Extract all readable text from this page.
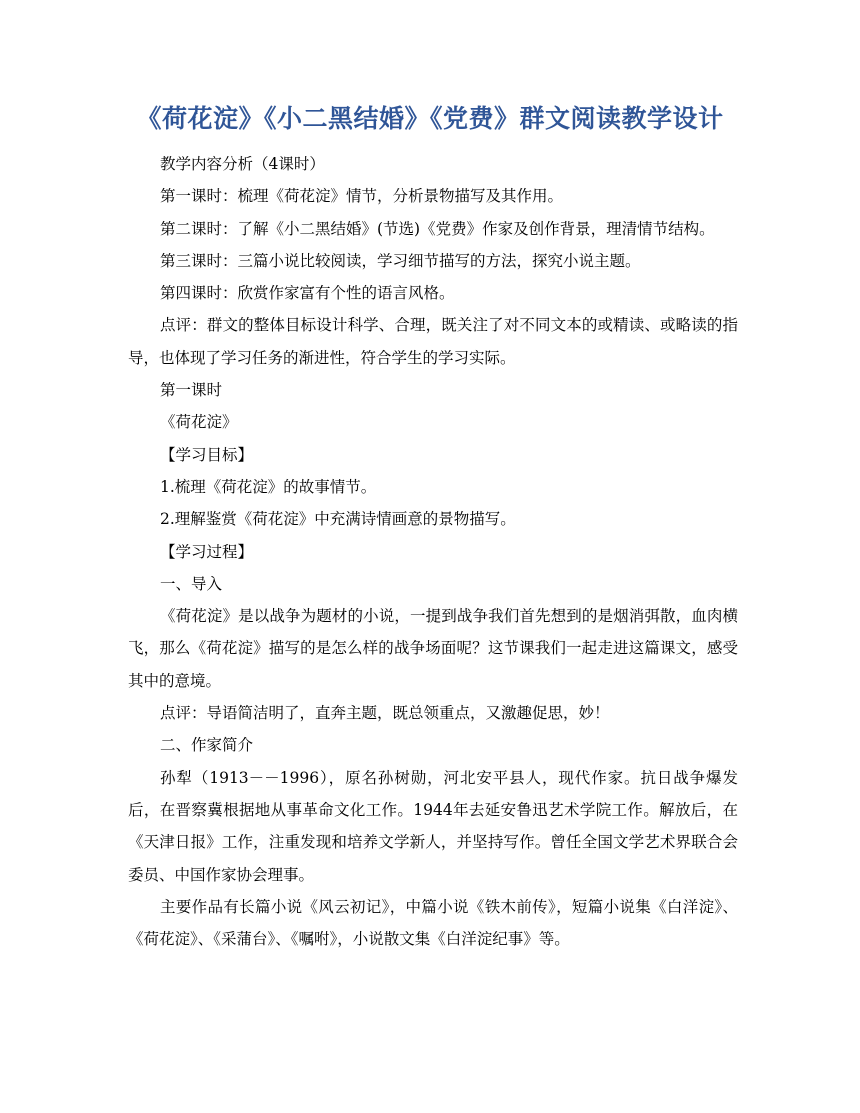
《荷花淀》《小二黑结婚》《党费》群文阅读教学设计

教学内容分析（4课时）

第一课时：梳理《荷花淀》情节，分析景物描写及其作用。

第二课时：了解《小二黑结婚》(节选)《党费》作家及创作背景，理清情节结构。

第三课时：三篇小说比较阅读，学习细节描写的方法，探究小说主题。

第四课时：欣赏作家富有个性的语言风格。

点评：群文的整体目标设计科学、合理，既关注了对不同文本的或精读、或略读的指导，也体现了学习任务的渐进性，符合学生的学习实际。

第一课时

《荷花淀》

【学习目标】

1.梳理《荷花淀》的故事情节。

2.理解鉴赏《荷花淀》中充满诗情画意的景物描写。

【学习过程】

一、导入

《荷花淀》是以战争为题材的小说，一提到战争我们首先想到的是烟消弭散，血肉横飞，那么《荷花淀》描写的是怎么样的战争场面呢？这节课我们一起走进这篇课文，感受其中的意境。

点评：导语简洁明了，直奔主题，既总领重点，又激趣促思，妙！

二、作家简介

孙犁（1913－－1996），原名孙树勋，河北安平县人，现代作家。抗日战争爆发后，在晋察冀根据地从事革命文化工作。1944年去延安鲁迅艺术学院工作。解放后，在《天津日报》工作，注重发现和培养文学新人，并坚持写作。曾任全国文学艺术界联合会委员、中国作家协会理事。

主要作品有长篇小说《风云初记》，中篇小说《铁木前传》，短篇小说集《白洋淀》、《荷花淀》、《采蒲台》、《嘱咐》，小说散文集《白洋淀纪事》等。
